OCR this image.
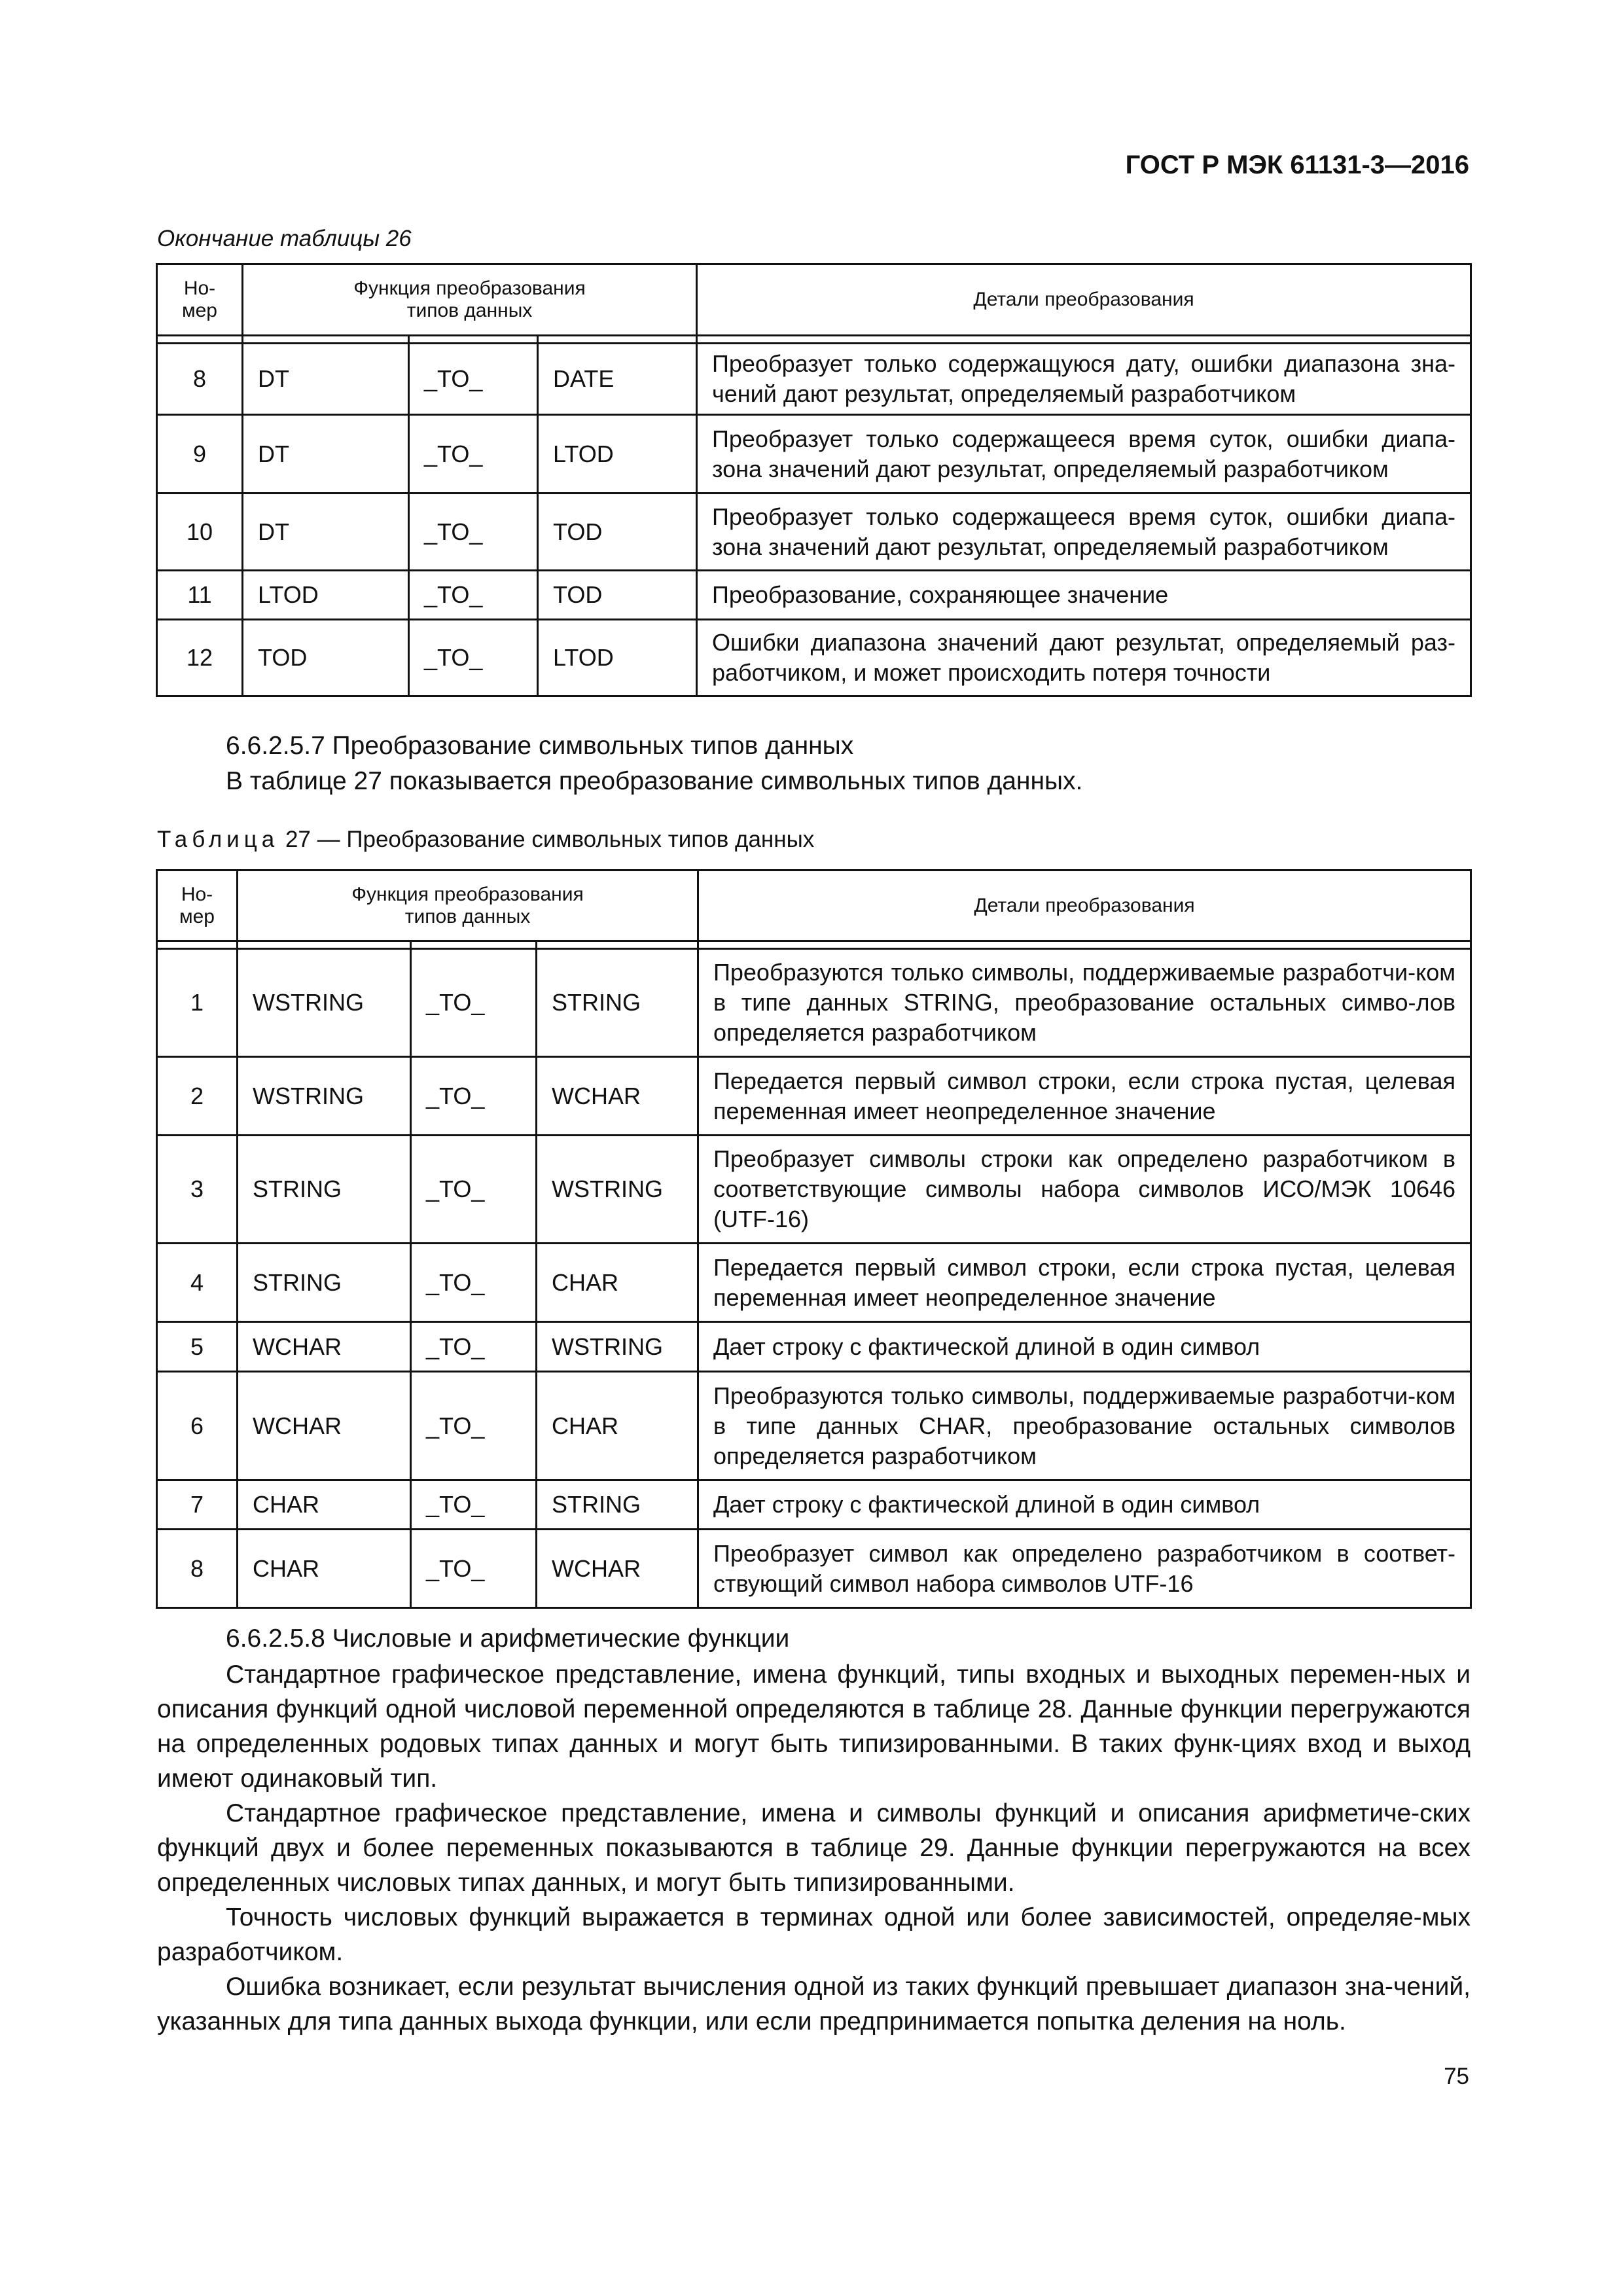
ГОСТ Р МЭК 61131-3—2016
Окончание таблицы 26
Но-
мер	Функция преобразования
типов данных			Детали преобразования

8	DT	_TO_	DATE	Преобразует только содержащуюся дату, ошибки диапазона зна-чений дают результат, определяемый разработчиком
9	DT	_TO_	LTOD	Преобразует только содержащееся время суток, ошибки диапа-зона значений дают результат, определяемый разработчиком
10	DT	_TO_	TOD	Преобразует только содержащееся время суток, ошибки диапа-зона значений дают результат, определяемый разработчиком
11	LTOD	_TO_	TOD	Преобразование, сохраняющее значение
12	TOD	_TO_	LTOD	Ошибки диапазона значений дают результат, определяемый раз-работчиком, и может происходить потеря точности
6.6.2.5.7 Преобразование символьных типов данных
В таблице 27 показывается преобразование символьных типов данных.
Таблица 27 — Преобразование символьных типов данных
Но-
мер	Функция преобразования
типов данных			Детали преобразования

1	WSTRING	_TO_	STRING	Преобразуются только символы, поддерживаемые разработчи-ком в типе данных STRING, преобразование остальных симво-лов определяется разработчиком
2	WSTRING	_TO_	WCHAR	Передается первый символ строки, если строка пустая, целевая переменная имеет неопределенное значение
3	STRING	_TO_	WSTRING	Преобразует символы строки как определено разработчиком в соответствующие символы набора символов ИСО/МЭК 10646 (UTF-16)
4	STRING	_TO_	CHAR	Передается первый символ строки, если строка пустая, целевая переменная имеет неопределенное значение
5	WCHAR	_TO_	WSTRING	Дает строку с фактической длиной в один символ
6	WCHAR	_TO_	CHAR	Преобразуются только символы, поддерживаемые разработчи-ком в типе данных CHAR, преобразование остальных символов определяется разработчиком
7	CHAR	_TO_	STRING	Дает строку с фактической длиной в один символ
8	CHAR	_TO_	WCHAR	Преобразует символ как определено разработчиком в соответ-ствующий символ набора символов UTF-16
6.6.2.5.8 Числовые и арифметические функции

Стандартное графическое представление, имена функций, типы входных и выходных перемен-ных и описания функций одной числовой переменной определяются в таблице 28. Данные функции перегружаются на определенных родовых типах данных и могут быть типизированными. В таких функ-циях вход и выход имеют одинаковый тип.

Стандартное графическое представление, имена и символы функций и описания арифметиче-ских функций двух и более переменных показываются в таблице 29. Данные функции перегружаются на всех определенных числовых типах данных, и могут быть типизированными.

Точность числовых функций выражается в терминах одной или более зависимостей, определяе-мых разработчиком.

Ошибка возникает, если результат вычисления одной из таких функций превышает диапазон зна-чений, указанных для типа данных выхода функции, или если предпринимается попытка деления на ноль.

75
